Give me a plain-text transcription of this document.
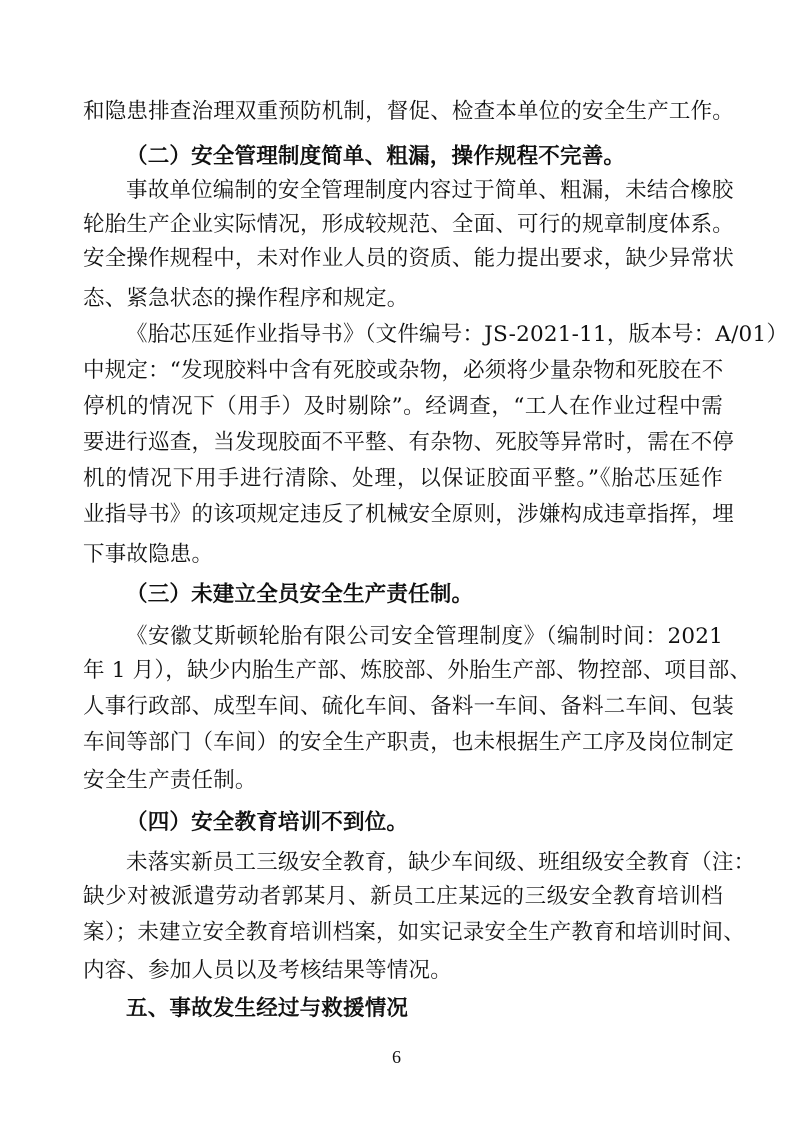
和隐患排查治理双重预防机制，督促、检查本单位的安全生产工作。
（二）安全管理制度简单、粗漏，操作规程不完善。
事故单位编制的安全管理制度内容过于简单、粗漏，未结合橡胶
轮胎生产企业实际情况，形成较规范、全面、可行的规章制度体系。
安全操作规程中，未对作业人员的资质、能力提出要求，缺少异常状
态、紧急状态的操作程序和规定。
《胎芯压延作业指导书》（文件编号：JS-2021-11，版本号：A/01）
中规定：“发现胶料中含有死胶或杂物，必须将少量杂物和死胶在不
停机的情况下（用手）及时剔除”。经调查，“工人在作业过程中需
要进行巡查，当发现胶面不平整、有杂物、死胶等异常时，需在不停
机的情况下用手进行清除、处理，以保证胶面平整。”《胎芯压延作
业指导书》的该项规定违反了机械安全原则，涉嫌构成违章指挥，埋
下事故隐患。
（三）未建立全员安全生产责任制。
《安徽艾斯顿轮胎有限公司安全管理制度》（编制时间：2021
年 1 月），缺少内胎生产部、炼胶部、外胎生产部、物控部、项目部、
人事行政部、成型车间、硫化车间、备料一车间、备料二车间、包装
车间等部门（车间）的安全生产职责，也未根据生产工序及岗位制定
安全生产责任制。
（四）安全教育培训不到位。
未落实新员工三级安全教育，缺少车间级、班组级安全教育（注：
缺少对被派遣劳动者郭某月、新员工庄某远的三级安全教育培训档
案）；未建立安全教育培训档案，如实记录安全生产教育和培训时间、
内容、参加人员以及考核结果等情况。
五、事故发生经过与救援情况
6
